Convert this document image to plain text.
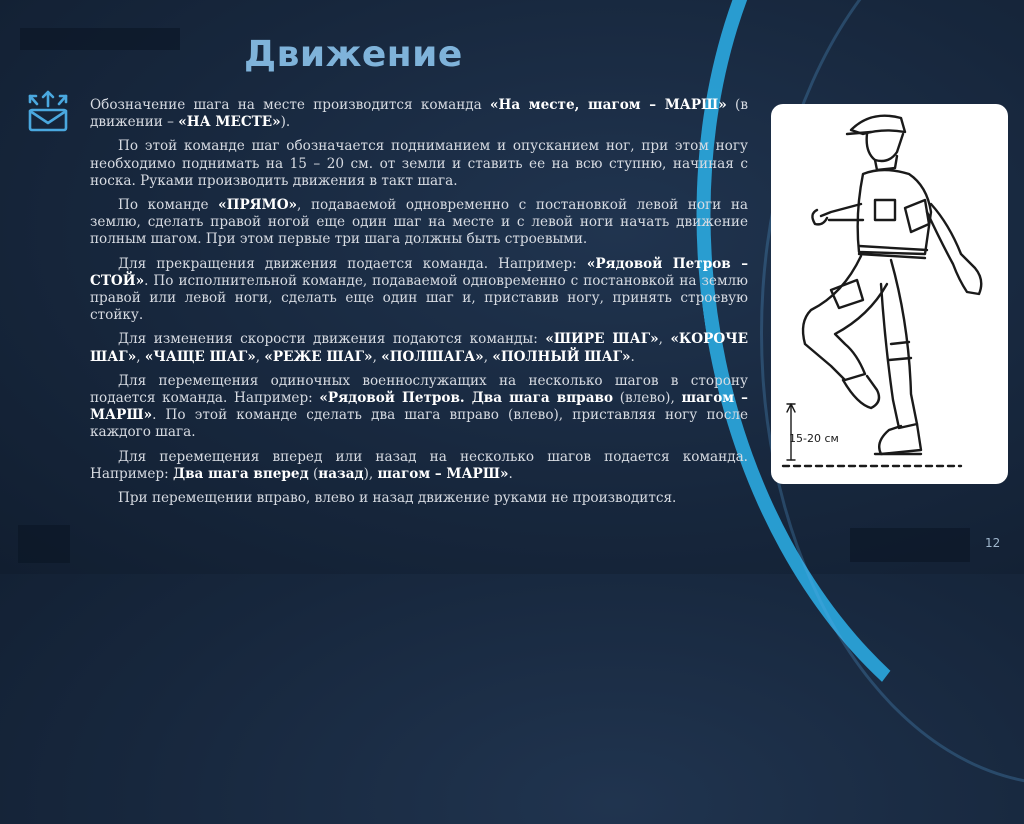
Движение

Обозначение шага на месте производится команда «На месте, шагом – МАРШ» (в движении – «НА МЕСТЕ»).

По этой команде шаг обозначается подниманием и опусканием ног, при этом ногу необходимо поднимать на 15 – 20 см. от земли и ставить ее на всю ступню, начиная с носка. Руками производить движения в такт шага.

По команде «ПРЯМО», подаваемой одновременно с постановкой левой ноги на землю, сделать правой ногой еще один шаг на месте и с левой ноги начать движение полным шагом. При этом первые три шага должны быть строевыми.

Для прекращения движения подается команда. Например: «Рядовой Петров – СТОЙ». По исполнительной команде, подаваемой одновременно с постановкой на землю правой или левой ноги, сделать еще один шаг и, приставив ногу, принять строевую стойку.

Для изменения скорости движения подаются команды: «ШИРЕ ШАГ», «КОРОЧЕ ШАГ», «ЧАЩЕ ШАГ», «РЕЖЕ ШАГ», «ПОЛШАГА», «ПОЛНЫЙ ШАГ».

Для перемещения одиночных военнослужащих на несколько шагов в сторону подается команда. Например: «Рядовой Петров. Два шага вправо (влево), шагом – МАРШ». По этой команде сделать два шага вправо (влево), приставляя ногу после каждого шага.

Для перемещения вперед или назад на несколько шагов подается команда. Например: Два шага вперед (назад), шагом – МАРШ».

При перемещении вправо, влево и назад движение руками не производится.

15-20 см
12
